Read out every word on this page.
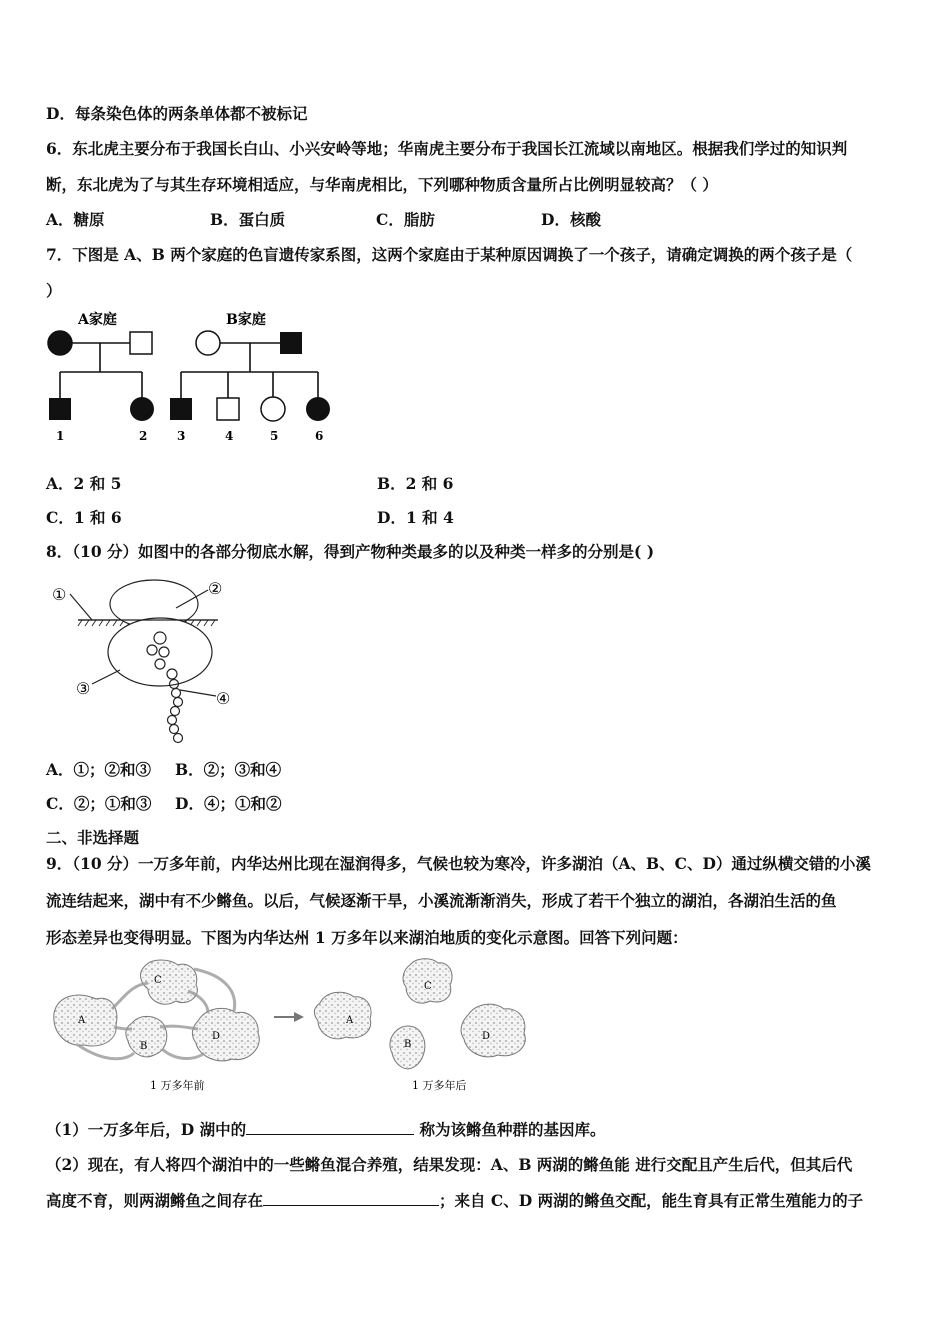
D．每条染色体的两条单体都不被标记
6．东北虎主要分布于我国长白山、小兴安岭等地；华南虎主要分布于我国长江流域以南地区。根据我们学过的知识判
断，东北虎为了与其生存环境相适应，与华南虎相比，下列哪种物质含量所占比例明显较高？（ ）
A．糖原	B．蛋白质	C．脂肪	D．核酸
7．下图是 A、B 两个家庭的色盲遗传家系图，这两个家庭由于某种原因调换了一个孩子，请确定调换的两个孩子是（
）
A家庭	B家庭
1	2 3	4	5	6
A．2 和 5	B．2 和 6
C．1 和 6	D．1 和 4
8．（10 分）如图中的各部分彻底水解，得到产物种类最多的以及种类一样多的分别是( )
①	②
③
④
A．①；②和③ B．②；③和④
C．②；①和③ D．④；①和②
二、非选择题
9．（10 分）一万多年前，内华达州比现在湿润得多，气候也较为寒冷，许多湖泊（A、B、C、D）通过纵横交错的小溪
流连结起来，湖中有不少鳉鱼。以后，气候逐渐干旱，小溪流渐渐消失，形成了若干个独立的湖泊，各湖泊生活的鱼
形态差异也变得明显。下图为内华达州 1 万多年以来湖泊地质的变化示意图。回答下列问题：
A
C
B
D
A
C
B
D
1 万多年前	1 万多年后
（1）一万多年后，D 湖中的	称为该鳉鱼种群的基因库。
（2）现在，有人将四个湖泊中的一些鳉鱼混合养殖，结果发现：A、B 两湖的鳉鱼能 进行交配且产生后代，但其后代
高度不育，则两湖鳉鱼之间存在	；来自 C、D 两湖的鳉鱼交配，能生育具有正常生殖能力的子
